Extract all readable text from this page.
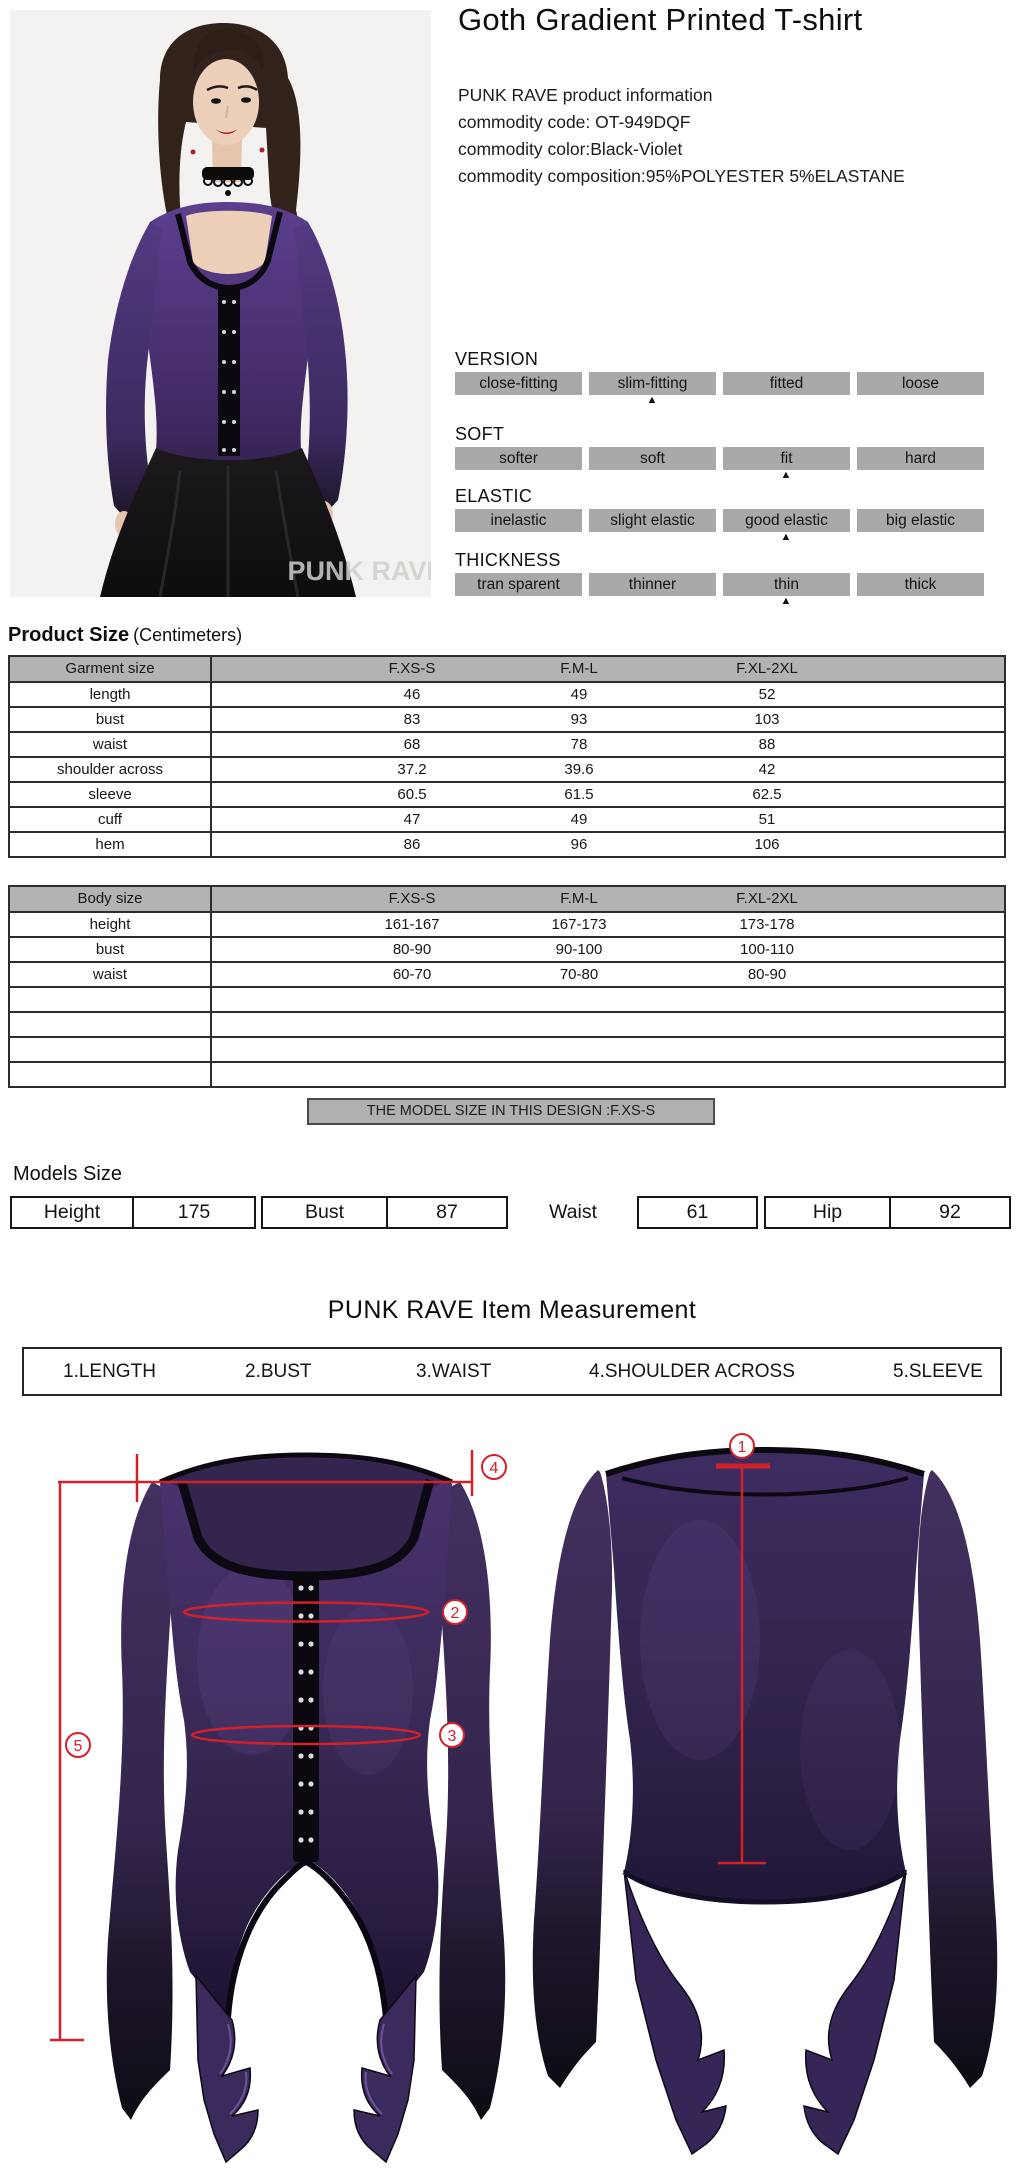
PUNK RAVE
Goth Gradient Printed T-shirt
PUNK RAVE product information
commodity code: OT-949DQF
commodity color:Black-Violet
commodity composition:95%POLYESTER 5%ELASTANE
VERSION
close-fitting	slim-fitting	fitted	loose
▲
SOFT
softer	soft	fit	hard
▲
ELASTIC
inelastic	slight elastic	good elastic	big elastic
▲
THICKNESS
tran sparent	thinner	thin	thick
▲
Product Size (Centimeters)
Garment size	F.XS-S	F.M-L	F.XL-2XL
length	46	49	52
bust	83	93	103
waist	68	78	88
shoulder across	37.2	39.6	42
sleeve	60.5	61.5	62.5
cuff	47	49	51
hem	86	96	106
Body size	F.XS-S	F.M-L	F.XL-2XL
height	161-167	167-173	173-178
bust	80-90	90-100	100-110
waist	60-70	70-80	80-90
THE MODEL SIZE IN THIS DESIGN :F.XS-S
Models Size
Height	175	Bust	87	Waist	61	Hip	92
PUNK RAVE Item Measurement
1.LENGTH	2.BUST	3.WAIST	4.SHOULDER ACROSS	5.SLEEVE
1
2
3
4
5
